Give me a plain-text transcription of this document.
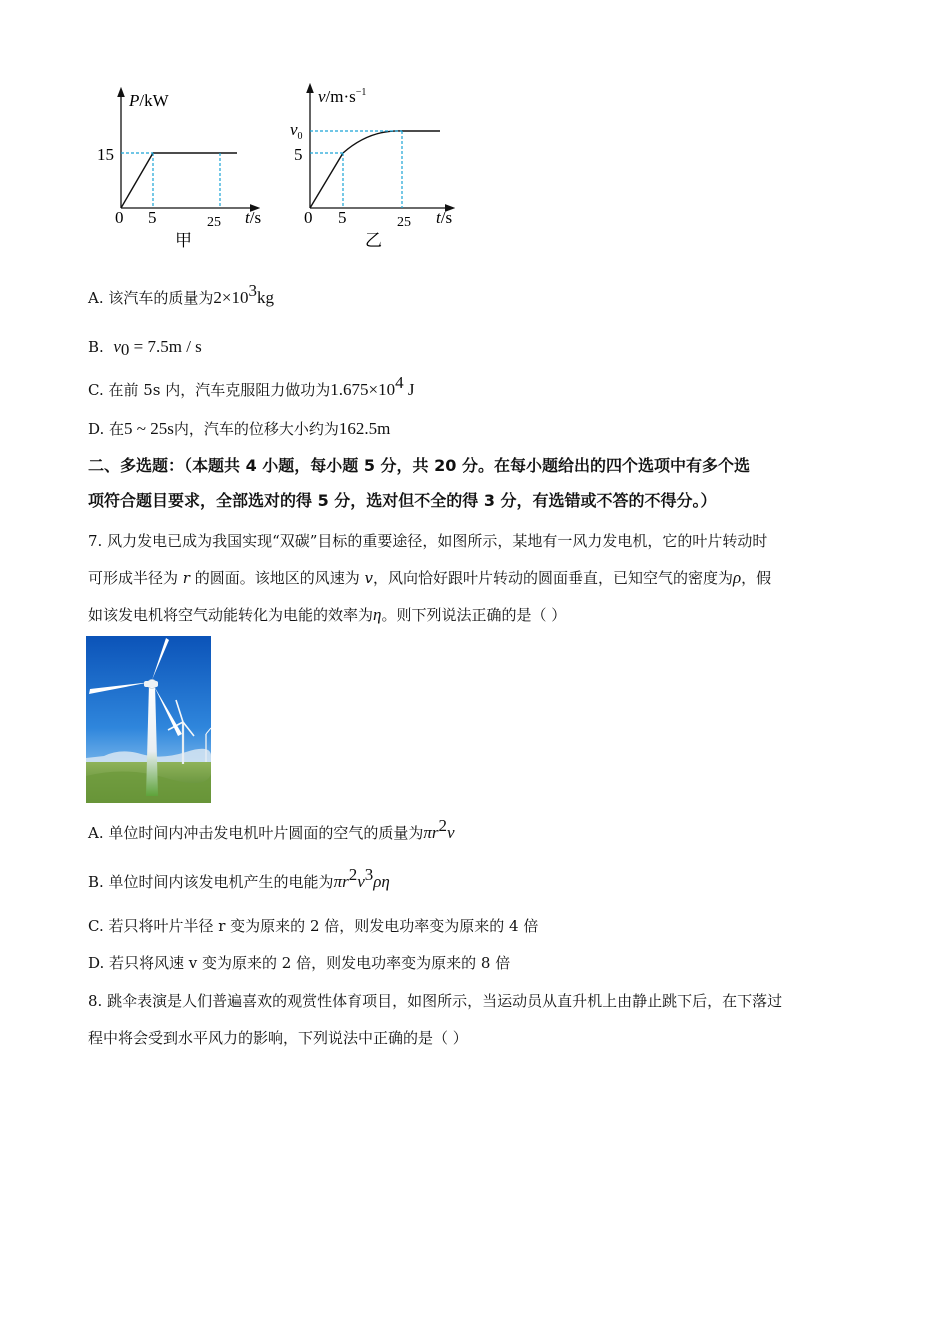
P/kW
15
0 5	25 t/s
甲
$v/m\cdot s^{-1}$
$v_0$
5
0 5	25 t/s
乙
A. 该汽车的质量为$2\times 10^3kg$
B. $v_0 = 7.5m / s$
C. 在前 5s 内，汽车克服阻力做功为$1.675\times 10^4$ J
D. 在5 ~ 25s内，汽车的位移大小约为162.5m
二、多选题：（本题共 4 小题，每小题 5 分，共 20 分。在每小题给出的四个选项中有多个选
项符合题目要求，全部选对的得 5 分，选对但不全的得 3 分，有选错或不答的不得分。）
7. 风力发电已成为我国实现“双碳”目标的重要途径，如图所示，某地有一风力发电机，它的叶片转动时
可形成半径为 r 的圆面。该地区的风速为 v，风向恰好跟叶片转动的圆面垂直，已知空气的密度为ρ，假
如该发电机将空气动能转化为电能的效率为η。则下列说法正确的是（ ）
A. 单位时间内冲击发电机叶片圆面的空气的质量为$\pi r^2v$
B. 单位时间内该发电机产生的电能为$\pi r^2v^3\rho\eta$
C. 若只将叶片半径 r 变为原来的 2 倍，则发电功率变为原来的 4 倍
D. 若只将风速 v 变为原来的 2 倍，则发电功率变为原来的 8 倍
8. 跳伞表演是人们普遍喜欢的观赏性体育项目，如图所示，当运动员从直升机上由静止跳下后，在下落过
程中将会受到水平风力的影响，下列说法中正确的是（ ）
